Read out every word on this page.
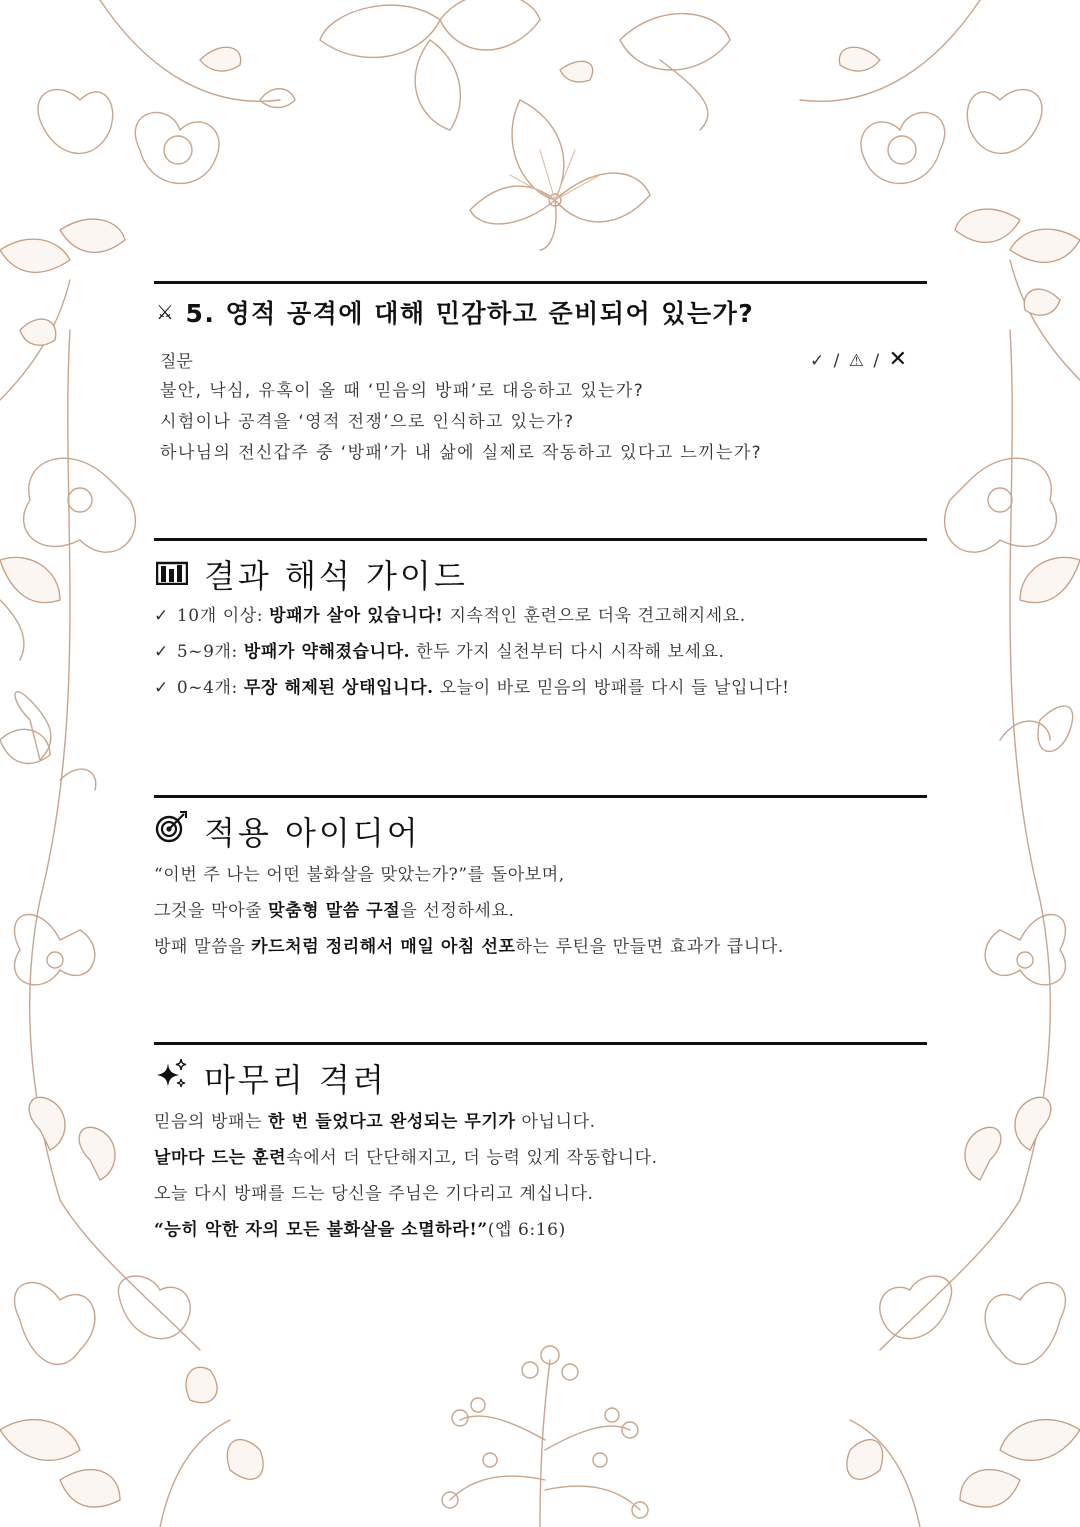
⚔ 5. 영적 공격에 대해 민감하고 준비되어 있는가?
질문	✓ / ⚠ / ✕
불안, 낙심, 유혹이 올 때 ‘믿음의 방패’로 대응하고 있는가?
시험이나 공격을 ‘영적 전쟁’으로 인식하고 있는가?
하나님의 전신갑주 중 ‘방패’가 내 삶에 실제로 작동하고 있다고 느끼는가?
결과 해석 가이드
✓ 10개 이상: 방패가 살아 있습니다! 지속적인 훈련으로 더욱 견고해지세요.
✓ 5~9개: 방패가 약해졌습니다. 한두 가지 실천부터 다시 시작해 보세요.
✓ 0~4개: 무장 해제된 상태입니다. 오늘이 바로 믿음의 방패를 다시 들 날입니다!
적용 아이디어
“이번 주 나는 어떤 불화살을 맞았는가?”를 돌아보며,
그것을 막아줄 맞춤형 말씀 구절을 선정하세요.
방패 말씀을 카드처럼 정리해서 매일 아침 선포하는 루틴을 만들면 효과가 큽니다.
마무리 격려
믿음의 방패는 한 번 들었다고 완성되는 무기가 아닙니다.
날마다 드는 훈련속에서 더 단단해지고, 더 능력 있게 작동합니다.
오늘 다시 방패를 드는 당신을 주님은 기다리고 계십니다.
“능히 악한 자의 모든 불화살을 소멸하라!”(엡 6:16)
